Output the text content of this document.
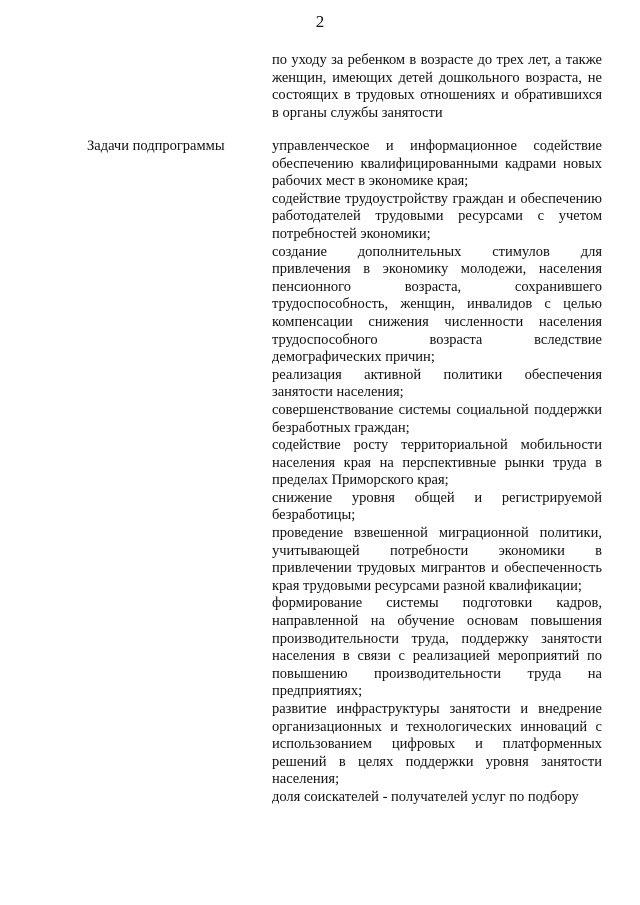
2

по уходу за ребенком в возрасте до трех лет, а также женщин, имеющих детей дошкольного возраста, не состоящих в трудовых отношениях и обратившихся в органы службы занятости

Задачи подпрограммы	управленческое и информационное содействие обеспечению квалифицированными кадрами новых рабочих мест в экономике края;

содействие трудоустройству граждан и обеспечению работодателей трудовыми ресурсами с учетом потребностей экономики;

создание дополнительных стимулов для привлечения в экономику молодежи, населения пенсионного возраста, сохранившего трудоспособность, женщин, инвалидов с целью компенсации снижения численности населения трудоспособного возраста вследствие демографических причин;

реализация активной политики обеспечения занятости населения;

совершенствование системы социальной поддержки безработных граждан;

содействие росту территориальной мобильности населения края на перспективные рынки труда в пределах Приморского края;

снижение уровня общей и регистрируемой безработицы;

проведение взвешенной миграционной политики, учитывающей потребности экономики в привлечении трудовых мигрантов и обеспеченность края трудовыми ресурсами разной квалификации;

формирование системы подготовки кадров, направленной на обучение основам повышения производительности труда, поддержку занятости населения в связи с реализацией мероприятий по повышению производительности труда на предприятиях;

развитие инфраструктуры занятости и внедрение организационных и технологических инноваций с использованием цифровых и платформенных решений в целях поддержки уровня занятости населения;

доля соискателей - получателей услуг по подбору
